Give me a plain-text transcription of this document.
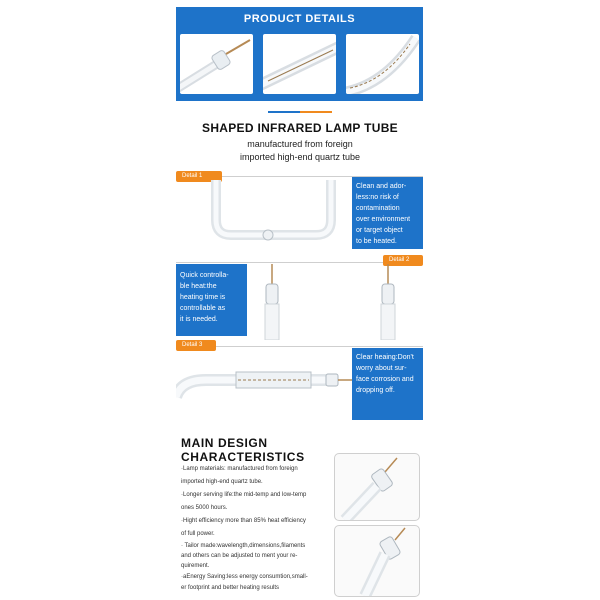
PRODUCT DETAILS
SHAPED INFRARED LAMP TUBE
manufactured from foreign
imported high-end quartz tube
Detail 1
Clean and ador-
less:no risk of
contamination
over environment
or target object
to be heated.
Quick controlla-
ble heat:the
heating time is
controllable as
it is needed.
Detail 2
Detail 3
Clear heaing:Don't
worry about sur-
face corrosion and
dropping off.
MAIN DESIGN
CHARACTERISTICS
·Lamp materials: manufactured from foreign
imported high-end quartz tube.
·Longer serving life:the mid-temp and low-temp
ones 5000 hours.
·Hight efficiency more than 85% heat efficiency
of full power.
· Tailor made:wavelength,dimensions,filaments
and others can be adjusted to ment your re-
quirement.
·aEnergy Saving:less energy consumtion,small-
er footprint and better heating results
